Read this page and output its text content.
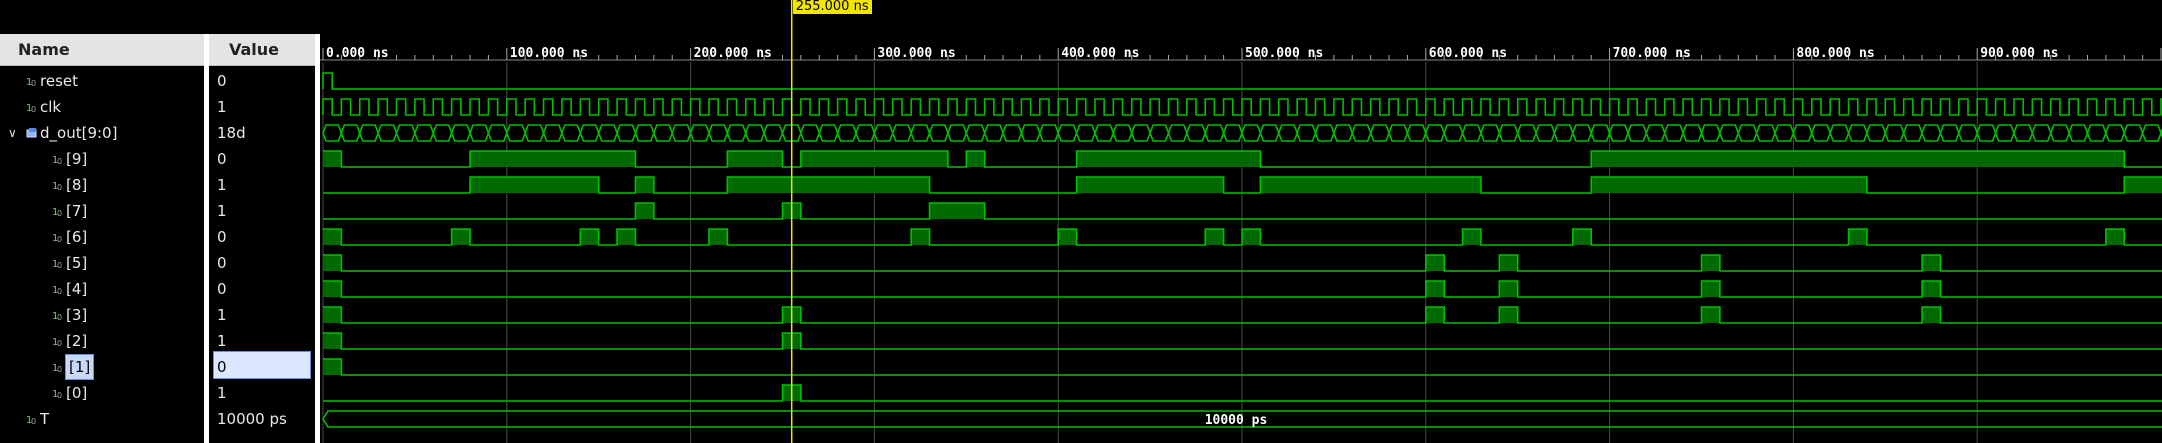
Name	Value
1
0 reset	0
1
0 clk	1
∨ d_out[9:0]	18d
1
0 [9]	0
1
0 [8]	1
1
0 [7]	1
1
0 [6]	0
1
0 [5]	0
1
0 [4]	0
1
0 [3]	1
1
0 [2]	1
1
0 [1]	0
1
0 [0]	1
1
0 T	10000 ps
0.000 ns	100.000 ns	200.000 ns	300.000 ns	400.000 ns	500.000 ns	600.000 ns	700.000 ns	800.000 ns	900.000 ns
10000 ps
255.000 ns
